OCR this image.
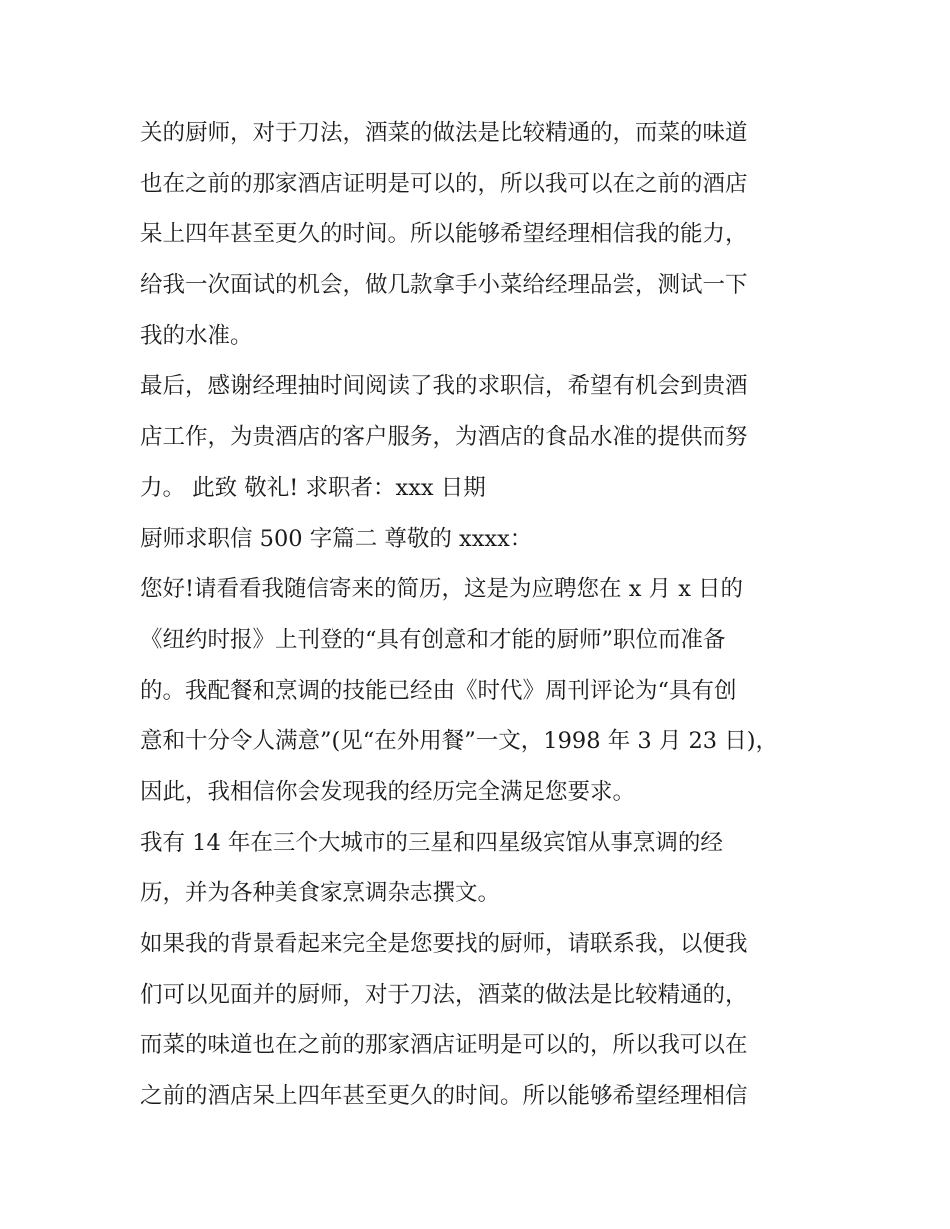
关的厨师，对于刀法，酒菜的做法是比较精通的，而菜的味道

也在之前的那家酒店证明是可以的，所以我可以在之前的酒店

呆上四年甚至更久的时间。所以能够希望经理相信我的能力，

给我一次面试的机会，做几款拿手小菜给经理品尝，测试一下

我的水准。

最后，感谢经理抽时间阅读了我的求职信，希望有机会到贵酒

店工作，为贵酒店的客户服务，为酒店的食品水准的提供而努

力。 此致 敬礼! 求职者：xxx 日期

厨师求职信 500 字篇二 尊敬的 xxxx：

您好!请看看我随信寄来的简历，这是为应聘您在 x 月 x 日的

《纽约时报》上刊登的“具有创意和才能的厨师”职位而准备

的。我配餐和烹调的技能已经由《时代》周刊评论为“具有创

意和十分令人满意”(见“在外用餐”一文，1998 年 3 月 23 日)，

因此，我相信你会发现我的经历完全满足您要求。

我有 14 年在三个大城市的三星和四星级宾馆从事烹调的经

历，并为各种美食家烹调杂志撰文。

如果我的背景看起来完全是您要找的厨师，请联系我，以便我

们可以见面并的厨师，对于刀法，酒菜的做法是比较精通的，

而菜的味道也在之前的那家酒店证明是可以的，所以我可以在

之前的酒店呆上四年甚至更久的时间。所以能够希望经理相信
